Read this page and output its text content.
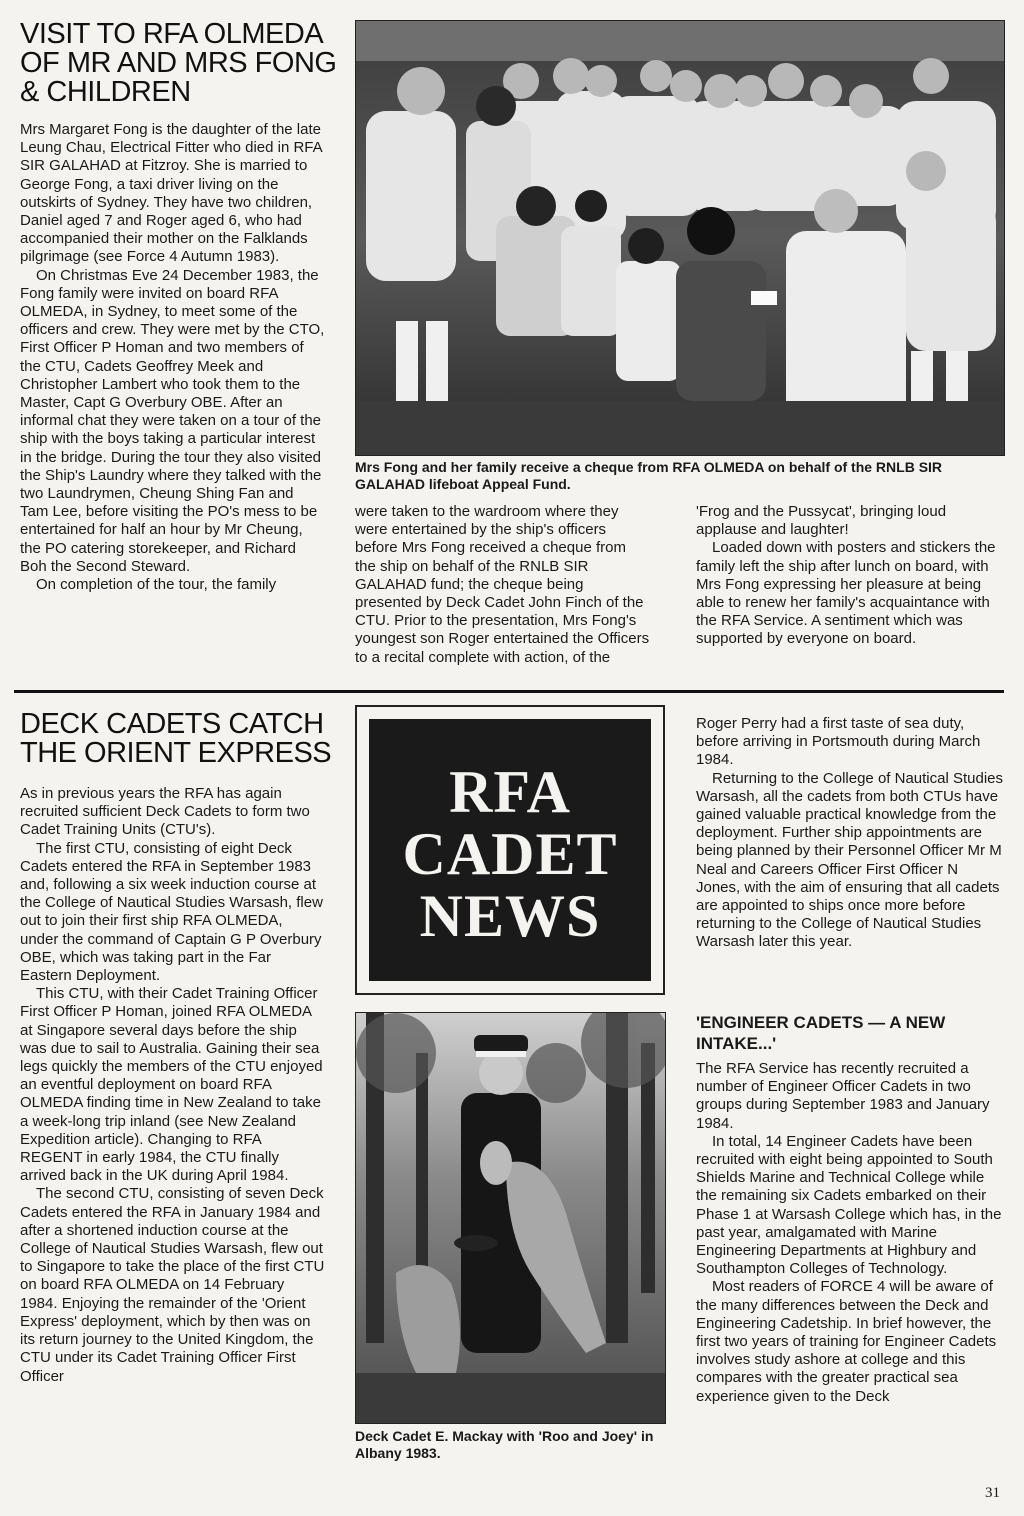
VISIT TO RFA OLMEDA
OF MR AND MRS FONG
& CHILDREN

Mrs Margaret Fong is the daughter of the late Leung Chau, Electrical Fitter who died in RFA SIR GALAHAD at Fitzroy. She is married to George Fong, a taxi driver living on the outskirts of Sydney. They have two children, Daniel aged 7 and Roger aged 6, who had accompanied their mother on the Falklands pilgrimage (see Force 4 Autumn 1983).

On Christmas Eve 24 December 1983, the Fong family were invited on board RFA OLMEDA, in Sydney, to meet some of the officers and crew. They were met by the CTO, First Officer P Homan and two members of the CTU, Cadets Geoffrey Meek and Christopher Lambert who took them to the Master, Capt G Overbury OBE. After an informal chat they were taken on a tour of the ship with the boys taking a particular interest in the bridge. During the tour they also visited the Ship's Laundry where they talked with the two Laundrymen, Cheung Shing Fan and Tam Lee, before visiting the PO's mess to be entertained for half an hour by Mr Cheung, the PO catering storekeeper, and Richard Boh the Second Steward.

On completion of the tour, the family

Mrs Fong and her family receive a cheque from RFA OLMEDA on behalf of the RNLB SIR GALAHAD lifeboat Appeal Fund.

were taken to the wardroom where they were entertained by the ship's officers before Mrs Fong received a cheque from the ship on behalf of the RNLB SIR GALAHAD fund; the cheque being presented by Deck Cadet John Finch of the CTU. Prior to the presentation, Mrs Fong's youngest son Roger entertained the Officers to a recital complete with action, of the

'Frog and the Pussycat', bringing loud applause and laughter!

Loaded down with posters and stickers the family left the ship after lunch on board, with Mrs Fong expressing her pleasure at being able to renew her family's acquaintance with the RFA Service. A sentiment which was supported by everyone on board.

DECK CADETS CATCH
THE ORIENT EXPRESS

As in previous years the RFA has again recruited sufficient Deck Cadets to form two Cadet Training Units (CTU's).

The first CTU, consisting of eight Deck Cadets entered the RFA in September 1983 and, following a six week induction course at the College of Nautical Studies Warsash, flew out to join their first ship RFA OLMEDA, under the command of Captain G P Overbury OBE, which was taking part in the Far Eastern Deployment.

This CTU, with their Cadet Training Officer First Officer P Homan, joined RFA OLMEDA at Singapore several days before the ship was due to sail to Australia. Gaining their sea legs quickly the members of the CTU enjoyed an eventful deployment on board RFA OLMEDA finding time in New Zealand to take a week-long trip inland (see New Zealand Expedition article). Changing to RFA REGENT in early 1984, the CTU finally arrived back in the UK during April 1984.

The second CTU, consisting of seven Deck Cadets entered the RFA in January 1984 and after a shortened induction course at the College of Nautical Studies Warsash, flew out to Singapore to take the place of the first CTU on board RFA OLMEDA on 14 February 1984. Enjoying the remainder of the 'Orient Express' deployment, which by then was on its return journey to the United Kingdom, the CTU under its Cadet Training Officer First Officer

RFA
CADET
NEWS

Deck Cadet E. Mackay with 'Roo and Joey' in Albany 1983.

Roger Perry had a first taste of sea duty, before arriving in Portsmouth during March 1984.

Returning to the College of Nautical Studies Warsash, all the cadets from both CTUs have gained valuable practical knowledge from the deployment. Further ship appointments are being planned by their Personnel Officer Mr M Neal and Careers Officer First Officer N Jones, with the aim of ensuring that all cadets are appointed to ships once more before returning to the College of Nautical Studies Warsash later this year.

'ENGINEER CADETS — A NEW INTAKE...'

The RFA Service has recently recruited a number of Engineer Officer Cadets in two groups during September 1983 and January 1984.

In total, 14 Engineer Cadets have been recruited with eight being appointed to South Shields Marine and Technical College while the remaining six Cadets embarked on their Phase 1 at Warsash College which has, in the past year, amalgamated with Marine Engineering Departments at Highbury and Southampton Colleges of Technology.

Most readers of FORCE 4 will be aware of the many differences between the Deck and Engineering Cadetship. In brief however, the first two years of training for Engineer Cadets involves study ashore at college and this compares with the greater practical sea experience given to the Deck

31
